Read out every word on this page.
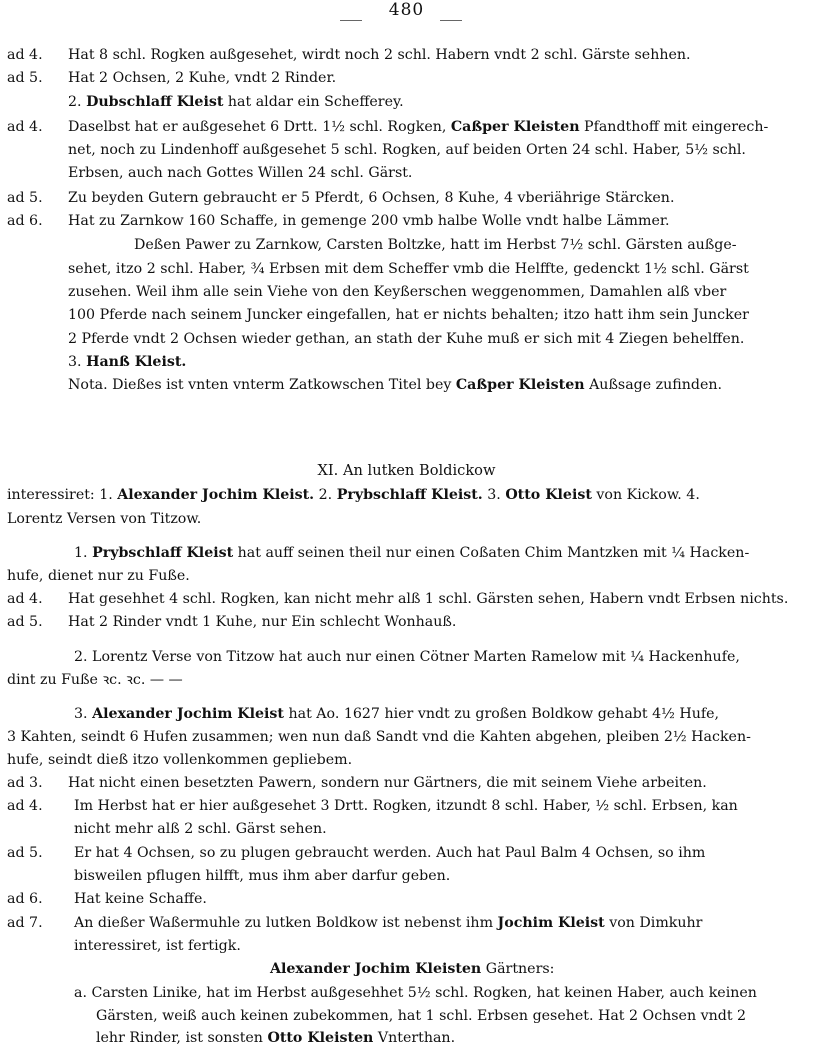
480
ad 4. Hat 8 schl. Rogken außgesehet, wirdt noch 2 schl. Habern vndt 2 schl. Gärste sehhen.
ad 5. Hat 2 Ochsen, 2 Kuhe, vndt 2 Rinder.
2. Dubschlaff Kleist hat aldar ein Schefferey.
ad 4. Daselbst hat er außgesehet 6 Drtt. 1½ schl. Rogken, Caßper Kleisten Pfandthoff mit eingerech-
net, noch zu Lindenhoff außgesehet 5 schl. Rogken, auf beiden Orten 24 schl. Haber, 5½ schl.
Erbsen, auch nach Gottes Willen 24 schl. Gärst.
ad 5. Zu beyden Gutern gebraucht er 5 Pferdt, 6 Ochsen, 8 Kuhe, 4 vberiährige Stärcken.
ad 6. Hat zu Zarnkow 160 Schaffe, in gemenge 200 vmb halbe Wolle vndt halbe Lämmer.
Deßen Pawer zu Zarnkow, Carsten Boltzke, hatt im Herbst 7½ schl. Gärsten außge-
sehet, itzo 2 schl. Haber, ¾ Erbsen mit dem Scheffer vmb die Helffte, gedenckt 1½ schl. Gärst
zusehen. Weil ihm alle sein Viehe von den Keyßerschen weggenommen, Damahlen alß vber
100 Pferde nach seinem Juncker eingefallen, hat er nichts behalten; itzo hatt ihm sein Juncker
2 Pferde vndt 2 Ochsen wieder gethan, an stath der Kuhe muß er sich mit 4 Ziegen behelffen.
3. Hanß Kleist.
Nota. Dießes ist vnten vnterm Zatkowschen Titel bey Caßper Kleisten Außsage zufinden.
XI. An lutken Boldickow
interessiret: 1. Alexander Jochim Kleist. 2. Prybschlaff Kleist. 3. Otto Kleist von Kickow. 4.
Lorentz Versen von Titzow.
1. Prybschlaff Kleist hat auff seinen theil nur einen Coßaten Chim Mantzken mit ¼ Hacken-
hufe, dienet nur zu Fuße.
ad 4. Hat gesehhet 4 schl. Rogken, kan nicht mehr alß 1 schl. Gärsten sehen, Habern vndt Erbsen nichts.
ad 5. Hat 2 Rinder vndt 1 Kuhe, nur Ein schlecht Wonhauß.
2. Lorentz Verse von Titzow hat auch nur einen Cötner Marten Ramelow mit ¼ Hackenhufe,
dint zu Fuße ꝛc. ꝛc. — —
3. Alexander Jochim Kleist hat Ao. 1627 hier vndt zu großen Boldkow gehabt 4½ Hufe,
3 Kahten, seindt 6 Hufen zusammen; wen nun daß Sandt vnd die Kahten abgehen, pleiben 2½ Hacken-
hufe, seindt dieß itzo vollenkommen gepliebem.
ad 3. Hat nicht einen besetzten Pawern, sondern nur Gärtners, die mit seinem Viehe arbeiten.
ad 4. Im Herbst hat er hier außgesehet 3 Drtt. Rogken, itzundt 8 schl. Haber, ½ schl. Erbsen, kan
nicht mehr alß 2 schl. Gärst sehen.
ad 5. Er hat 4 Ochsen, so zu plugen gebraucht werden. Auch hat Paul Balm 4 Ochsen, so ihm
bisweilen pflugen hilfft, mus ihm aber darfur geben.
ad 6. Hat keine Schaffe.
ad 7. An dießer Waßermuhle zu lutken Boldkow ist nebenst ihm Jochim Kleist von Dimkuhr
interessiret, ist fertigk.
Alexander Jochim Kleisten Gärtners:
a. Carsten Linike, hat im Herbst außgesehhet 5½ schl. Rogken, hat keinen Haber, auch keinen
Gärsten, weiß auch keinen zubekommen, hat 1 schl. Erbsen gesehet. Hat 2 Ochsen vndt 2
lehr Rinder, ist sonsten Otto Kleisten Vnterthan.
